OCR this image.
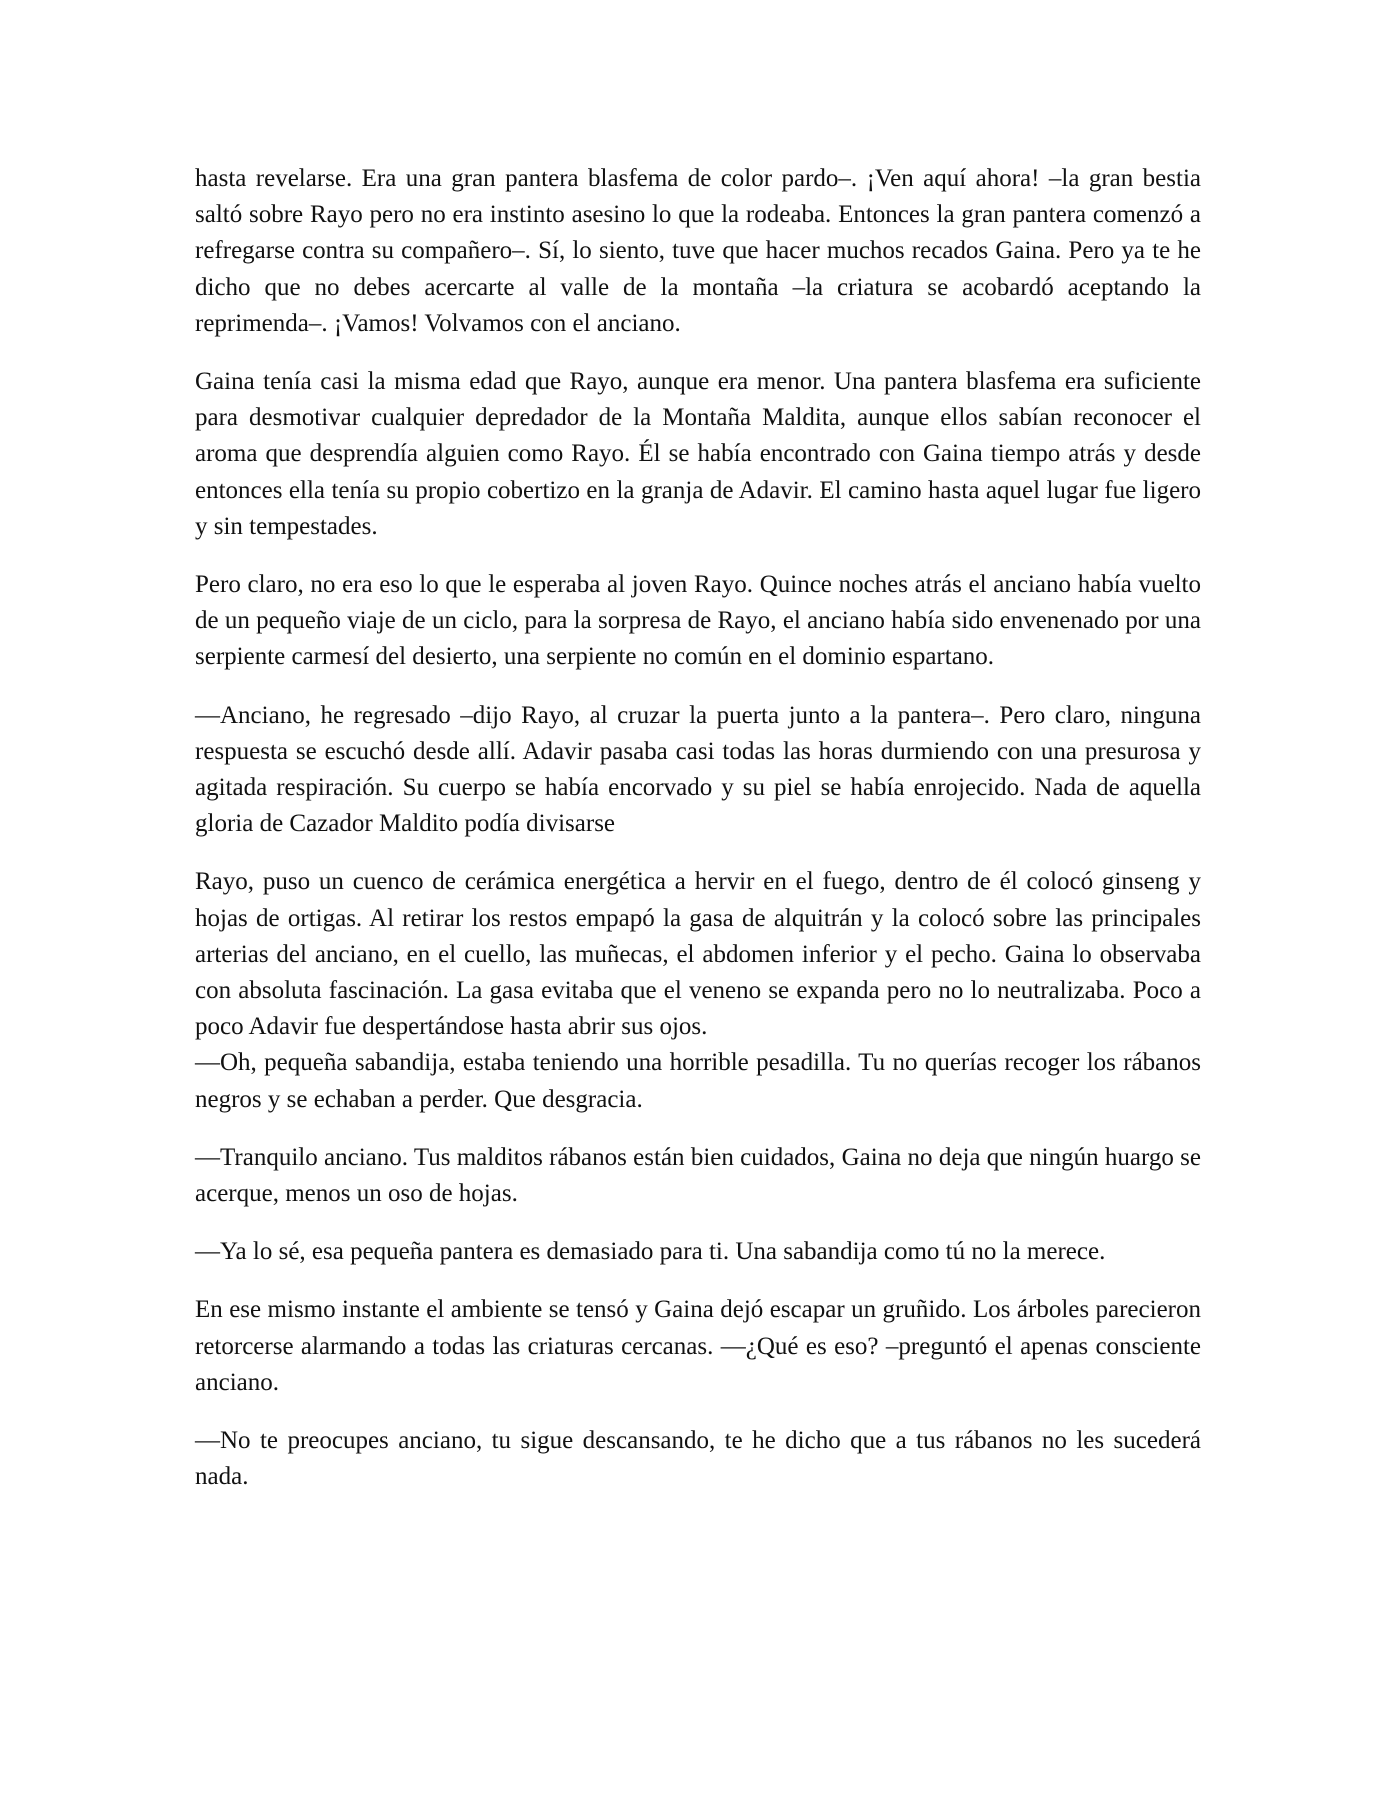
hasta revelarse. Era una gran pantera blasfema de color pardo–. ¡Ven aquí ahora! –la gran bestia saltó sobre Rayo pero no era instinto asesino lo que la rodeaba. Entonces la gran pantera comenzó a refregarse contra su compañero–. Sí, lo siento, tuve que hacer muchos recados Gaina. Pero ya te he dicho que no debes acercarte al valle de la montaña –la criatura se acobardó aceptando la reprimenda–. ¡Vamos! Volvamos con el anciano.

Gaina tenía casi la misma edad que Rayo, aunque era menor. Una pantera blasfema era suficiente para desmotivar cualquier depredador de la Montaña Maldita, aunque ellos sabían reconocer el aroma que desprendía alguien como Rayo. Él se había encontrado con Gaina tiempo atrás y desde entonces ella tenía su propio cobertizo en la granja de Adavir. El camino hasta aquel lugar fue ligero y sin tempestades.

Pero claro, no era eso lo que le esperaba al joven Rayo. Quince noches atrás el anciano había vuelto de un pequeño viaje de un ciclo, para la sorpresa de Rayo, el anciano había sido envenenado por una serpiente carmesí del desierto, una serpiente no común en el dominio espartano.

—Anciano, he regresado –dijo Rayo, al cruzar la puerta junto a la pantera–. Pero claro, ninguna respuesta se escuchó desde allí. Adavir pasaba casi todas las horas durmiendo con una presurosa y agitada respiración. Su cuerpo se había encorvado y su piel se había enrojecido. Nada de aquella gloria de Cazador Maldito podía divisarse

Rayo, puso un cuenco de cerámica energética a hervir en el fuego, dentro de él colocó ginseng y hojas de ortigas. Al retirar los restos empapó la gasa de alquitrán y la colocó sobre las principales arterias del anciano, en el cuello, las muñecas, el abdomen inferior y el pecho. Gaina lo observaba con absoluta fascinación. La gasa evitaba que el veneno se expanda pero no lo neutralizaba. Poco a poco Adavir fue despertándose hasta abrir sus ojos.
—Oh, pequeña sabandija, estaba teniendo una horrible pesadilla. Tu no querías recoger los rábanos negros y se echaban a perder. Que desgracia.

—Tranquilo anciano. Tus malditos rábanos están bien cuidados, Gaina no deja que ningún huargo se acerque, menos un oso de hojas.

—Ya lo sé, esa pequeña pantera es demasiado para ti. Una sabandija como tú no la merece.

En ese mismo instante el ambiente se tensó y Gaina dejó escapar un gruñido. Los árboles parecieron retorcerse alarmando a todas las criaturas cercanas. —¿Qué es eso? –preguntó el apenas consciente anciano.

—No te preocupes anciano, tu sigue descansando, te he dicho que a tus rábanos no les sucederá nada.
